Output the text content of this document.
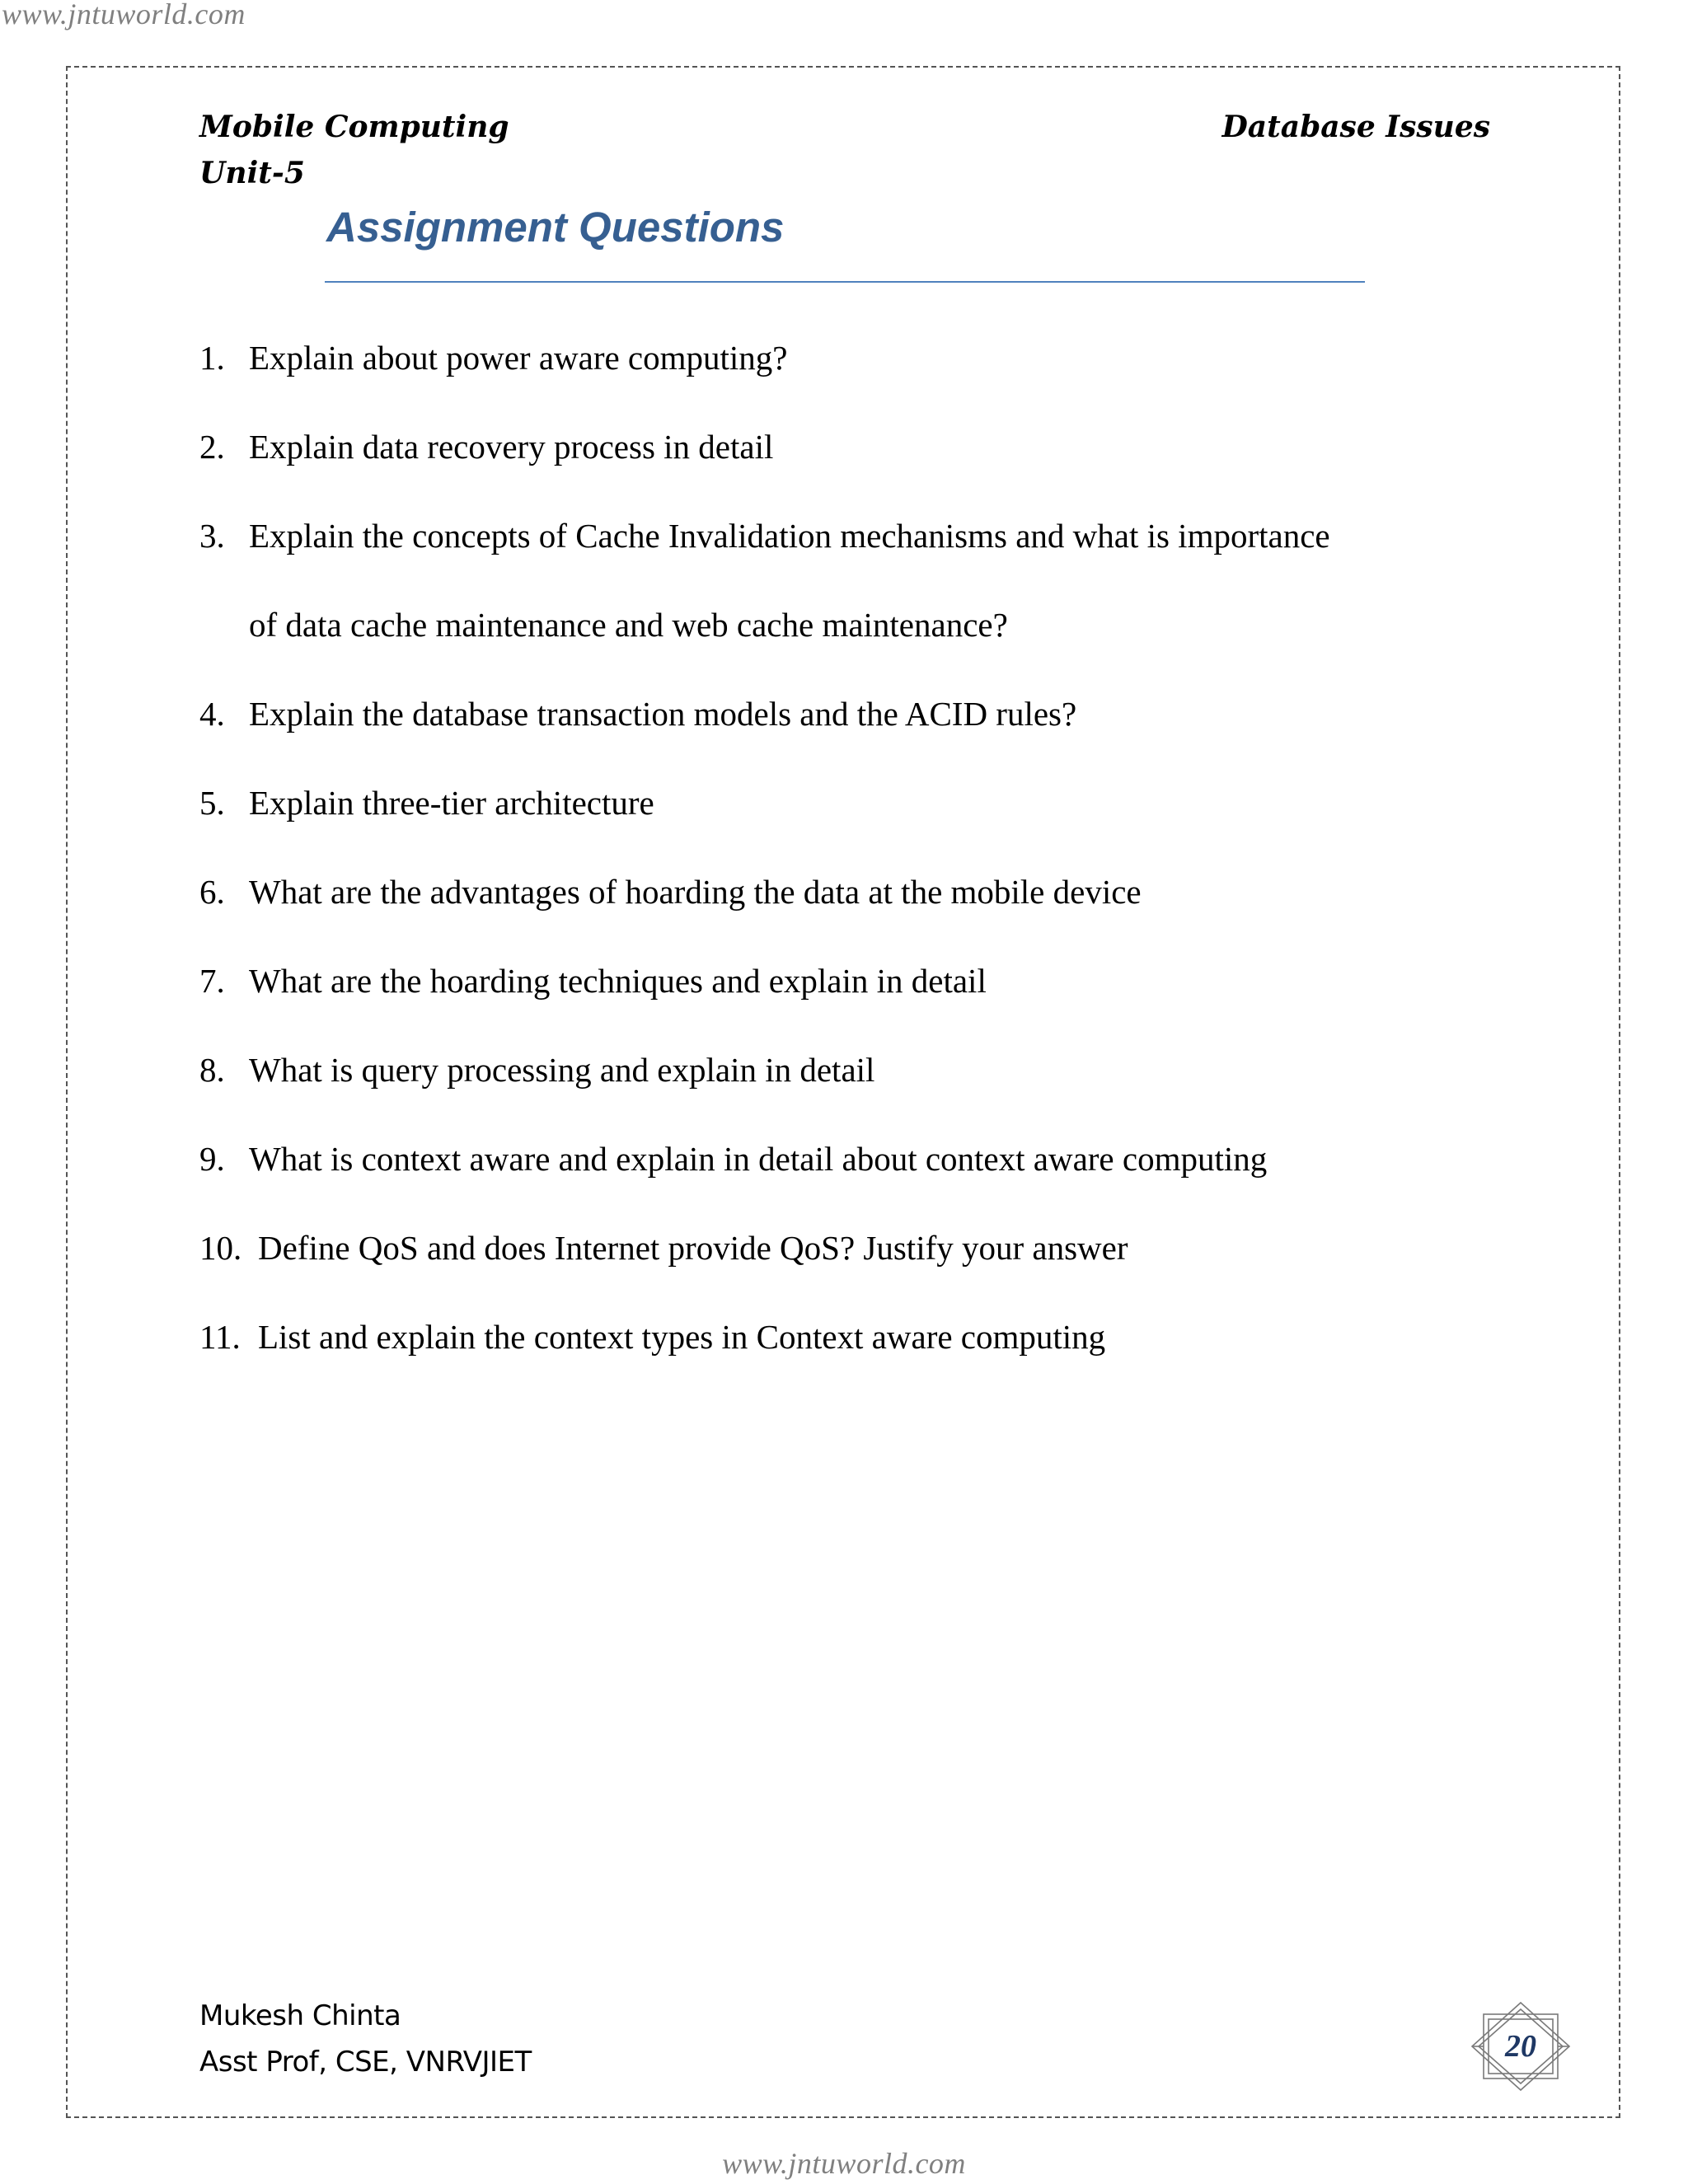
www.jntuworld.com
Mobile Computing
Unit-5
Database Issues
Assignment Questions
1. Explain about power aware computing?
2. Explain data recovery process in detail
3. Explain the concepts of Cache Invalidation mechanisms and what is importance
of data cache maintenance and web cache maintenance?
4. Explain the database transaction models and the ACID rules?
5. Explain three-tier architecture
6. What are the advantages of hoarding the data at the mobile device
7. What are the hoarding techniques and explain in detail
8. What is query processing and explain in detail
9. What is context aware and explain in detail about context aware computing
10. Define QoS and does Internet provide QoS? Justify your answer
11. List and explain the context types in Context aware computing
Mukesh Chinta
Asst Prof, CSE, VNRVJIET	20
www.jntuworld.com
